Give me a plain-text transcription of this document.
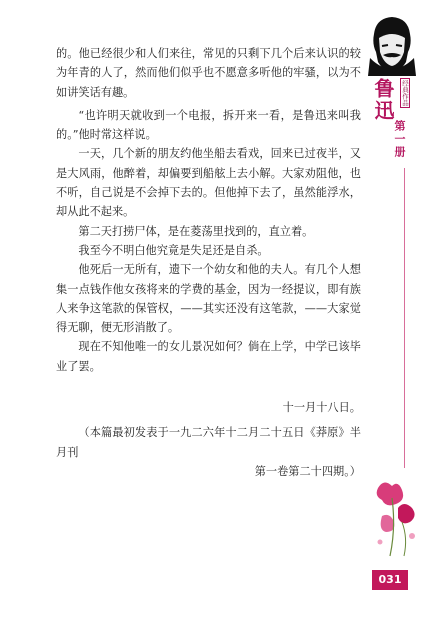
鲁迅 经典作品
第一册
031

的。他已经很少和人们来往，常见的只剩下几个后来认识的较为年青的人了，然而他们似乎也不愿意多听他的牢骚，以为不如讲笑话有趣。

“也许明天就收到一个电报，拆开来一看，是鲁迅来叫我的。”他时常这样说。

一天，几个新的朋友约他坐船去看戏，回来已过夜半，又是大风雨，他醉着，却偏要到船舷上去小解。大家劝阻他，也不听，自己说是不会掉下去的。但他掉下去了，虽然能浮水，却从此不起来。

第二天打捞尸体，是在菱荡里找到的，直立着。

我至今不明白他究竟是失足还是自杀。

他死后一无所有，遗下一个幼女和他的夫人。有几个人想集一点钱作他女孩将来的学费的基金，因为一经提议，即有族人来争这笔款的保管权，——其实还没有这笔款，——大家觉得无聊，便无形消散了。

现在不知他唯一的女儿景况如何？倘在上学，中学已该毕业了罢。

十一月十八日。

（本篇最初发表于一九二六年十二月二十五日《莽原》半月刊

第一卷第二十四期。）
